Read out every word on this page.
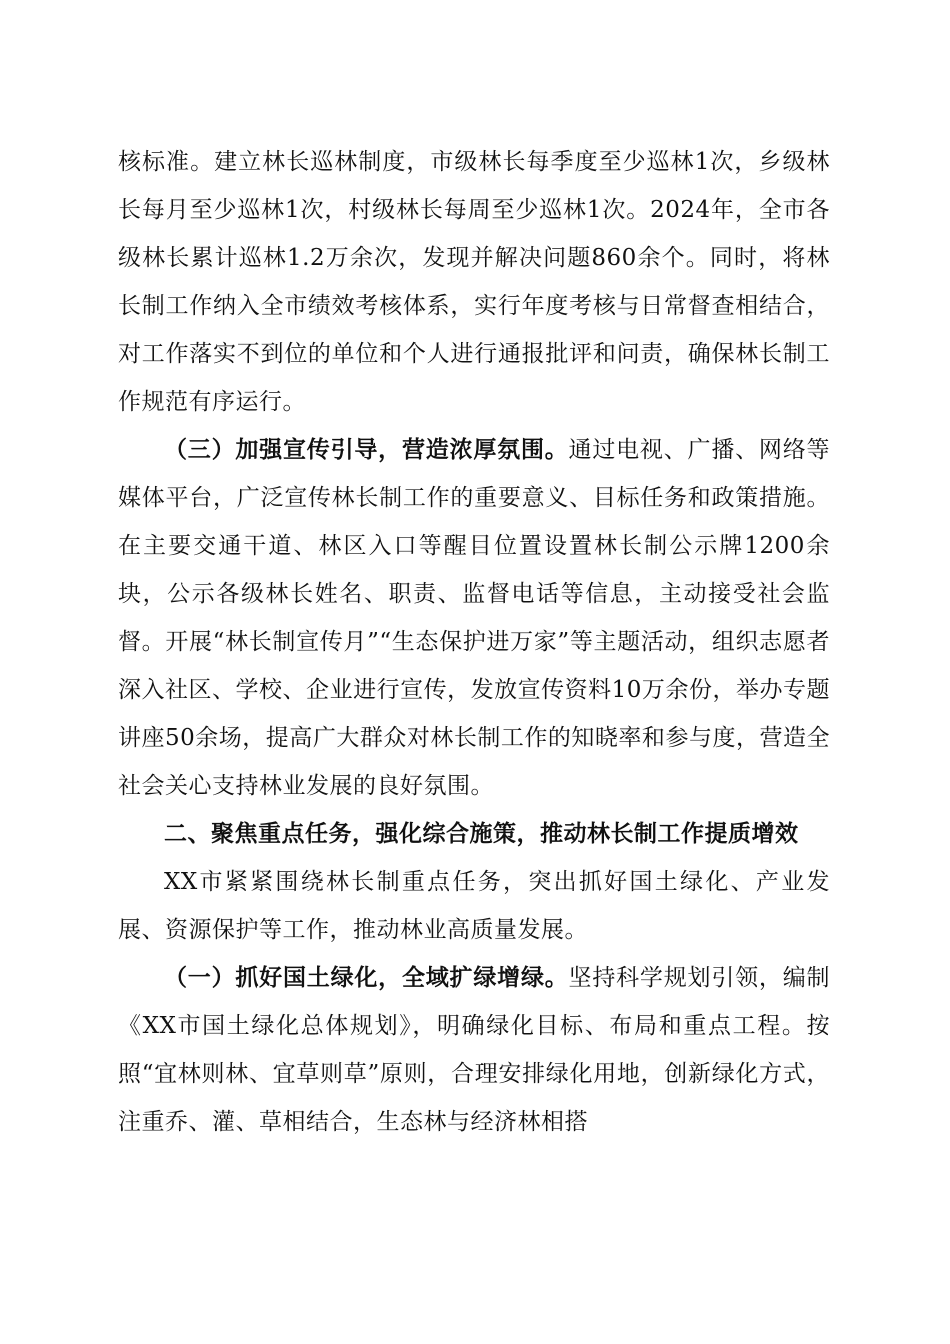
核标准。建立林长巡林制度，市级林长每季度至少巡林1次，乡级林长每月至少巡林1次，村级林长每周至少巡林1次。2024年，全市各级林长累计巡林1.2万余次，发现并解决问题860余个。同时，将林长制工作纳入全市绩效考核体系，实行年度考核与日常督查相结合，对工作落实不到位的单位和个人进行通报批评和问责，确保林长制工作规范有序运行。

（三）加强宣传引导，营造浓厚氛围。通过电视、广播、网络等媒体平台，广泛宣传林长制工作的重要意义、目标任务和政策措施。在主要交通干道、林区入口等醒目位置设置林长制公示牌1200余块，公示各级林长姓名、职责、监督电话等信息，主动接受社会监督。开展“林长制宣传月”“生态保护进万家”等主题活动，组织志愿者深入社区、学校、企业进行宣传，发放宣传资料10万余份，举办专题讲座50余场，提高广大群众对林长制工作的知晓率和参与度，营造全社会关心支持林业发展的良好氛围。

二、聚焦重点任务，强化综合施策，推动林长制工作提质增效

XX市紧紧围绕林长制重点任务，突出抓好国土绿化、产业发展、资源保护等工作，推动林业高质量发展。

（一）抓好国土绿化，全域扩绿增绿。坚持科学规划引领，编制《XX市国土绿化总体规划》，明确绿化目标、布局和重点工程。按照“宜林则林、宜草则草”原则，合理安排绿化用地，创新绿化方式，注重乔、灌、草相结合，生态林与经济林相搭
